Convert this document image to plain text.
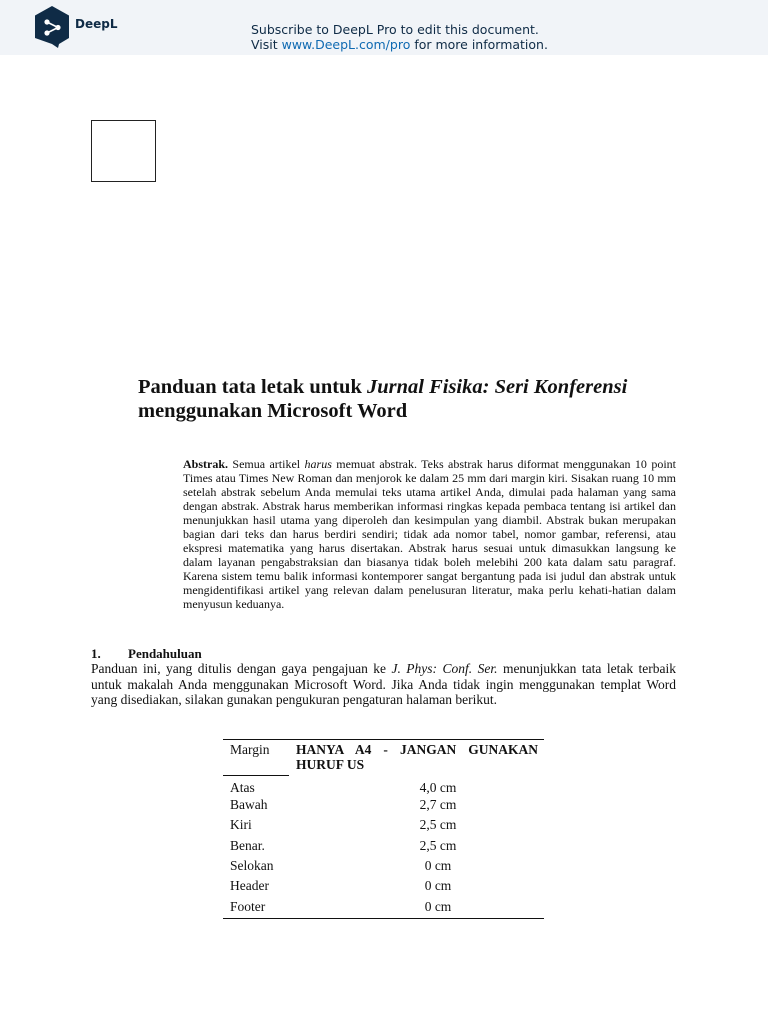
DeepL	Subscribe to DeepL Pro to edit this document.
Visit www.DeepL.com/pro for more information.
Panduan tata letak untuk Jurnal Fisika: Seri Konferensi menggunakan Microsoft Word
Abstrak. Semua artikel harus memuat abstrak. Teks abstrak harus diformat menggunakan 10 point Times atau Times New Roman dan menjorok ke dalam 25 mm dari margin kiri. Sisakan ruang 10 mm setelah abstrak sebelum Anda memulai teks utama artikel Anda, dimulai pada halaman yang sama dengan abstrak. Abstrak harus memberikan informasi ringkas kepada pembaca tentang isi artikel dan menunjukkan hasil utama yang diperoleh dan kesimpulan yang diambil. Abstrak bukan merupakan bagian dari teks dan harus berdiri sendiri; tidak ada nomor tabel, nomor gambar, referensi, atau ekspresi matematika yang harus disertakan. Abstrak harus sesuai untuk dimasukkan langsung ke dalam layanan pengabstraksian dan biasanya tidak boleh melebihi 200 kata dalam satu paragraf. Karena sistem temu balik informasi kontemporer sangat bergantung pada isi judul dan abstrak untuk mengidentifikasi artikel yang relevan dalam penelusuran literatur, maka perlu kehati-hatian dalam menyusun keduanya.
1. Pendahuluan
Panduan ini, yang ditulis dengan gaya pengajuan ke J. Phys: Conf. Ser. menunjukkan tata letak terbaik untuk makalah Anda menggunakan Microsoft Word. Jika Anda tidak ingin menggunakan templat Word yang disediakan, silakan gunakan pengukuran pengaturan halaman berikut.
Margin HANYA A4 - JANGAN GUNAKAN HURUF US
Atas	4,0 cm
Bawah	2,7 cm
Kiri	2,5 cm
Benar.	2,5 cm
Selokan	0 cm
Header	0 cm
Footer	0 cm
